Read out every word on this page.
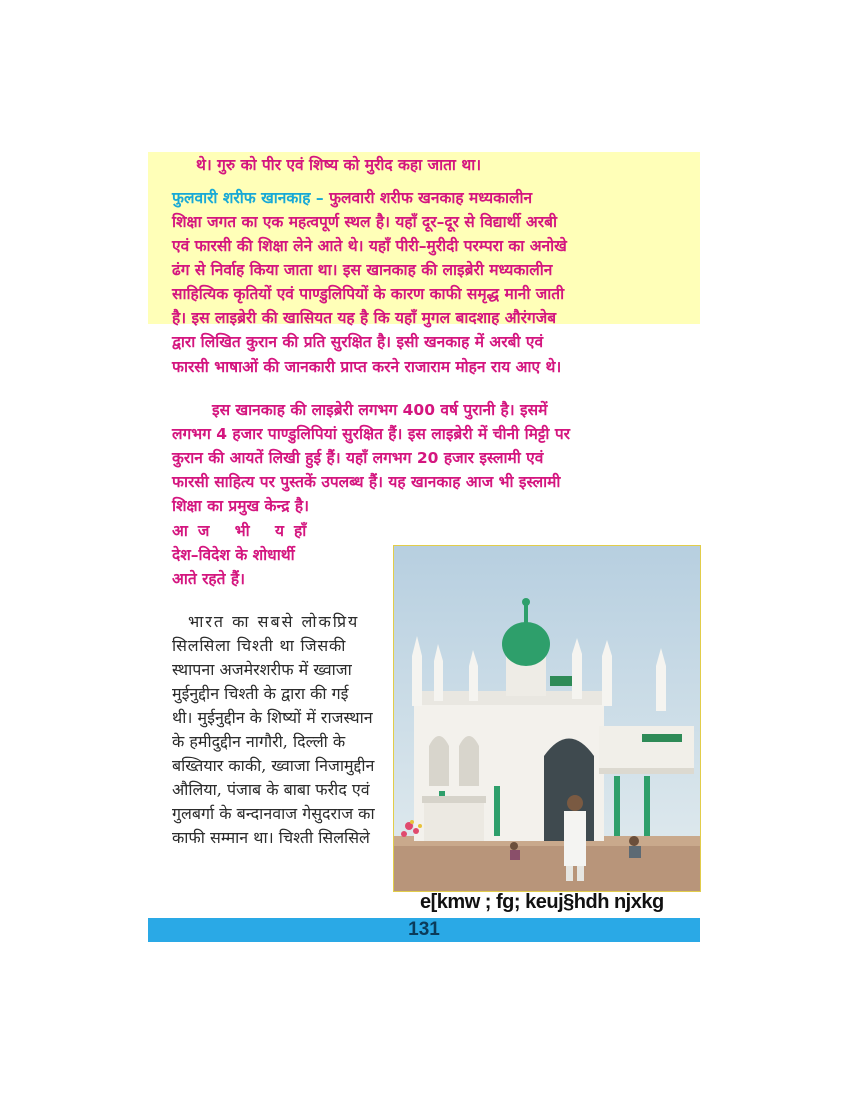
थे। गुरु को पीर एवं शिष्य को मुरीद कहा जाता था।
फुलवारी शरीफ खानकाह – फुलवारी शरीफ खनकाह मध्यकालीन
शिक्षा जगत का एक महत्वपूर्ण स्थल है। यहाँ दूर–दूर से विद्यार्थी अरबी
एवं फारसी की शिक्षा लेने आते थे। यहाँ पीरी–मुरीदी परम्परा का अनोखे
ढंग से निर्वाह किया जाता था। इस खानकाह की लाइब्रेरी मध्यकालीन
साहित्यिक कृतियों एवं पाण्डुलिपियों के कारण काफी समृद्ध मानी जाती
है। इस लाइब्रेरी की खासियत यह है कि यहाँ मुगल बादशाह औरंगजेब
द्वारा लिखित कुरान की प्रति सुरक्षित है। इसी खनकाह में अरबी एवं
फारसी भाषाओं की जानकारी प्राप्त करने राजाराम मोहन राय आए थे।
इस खानकाह की लाइब्रेरी लगभग 400 वर्ष पुरानी है। इसमें
लगभग 4 हजार पाण्डुलिपियां सुरक्षित हैं। इस लाइब्रेरी में चीनी मिट्टी पर
कुरान की आयतें लिखी हुई हैं। यहाँ लगभग 20 हजार इस्लामी एवं
फारसी साहित्य पर पुस्तकें उपलब्ध हैं। यह खानकाह आज भी इस्लामी
शिक्षा का प्रमुख केन्द्र है।
आज भी यहाँ
देश–विदेश के शोधार्थी
आते रहते हैं।
भारत का सबसे लोकप्रिय
सिलसिला चिश्ती था जिसकी
स्थापना अजमेरशरीफ में ख्वाजा
मुईनुद्दीन चिश्ती के द्वारा की गई
थी। मुईनुद्दीन के शिष्यों में राजस्थान
के हमीदुद्दीन नागौरी, दिल्ली के
बख्तियार काकी, ख्वाजा निजामुद्दीन
औलिया, पंजाब के बाबा फरीद एवं
गुलबर्गा के बन्दानवाज गेसुदराज का
काफी सम्मान था। चिश्ती सिलसिले
e[kmw ; fg; keuj§hdh njxkg
131
